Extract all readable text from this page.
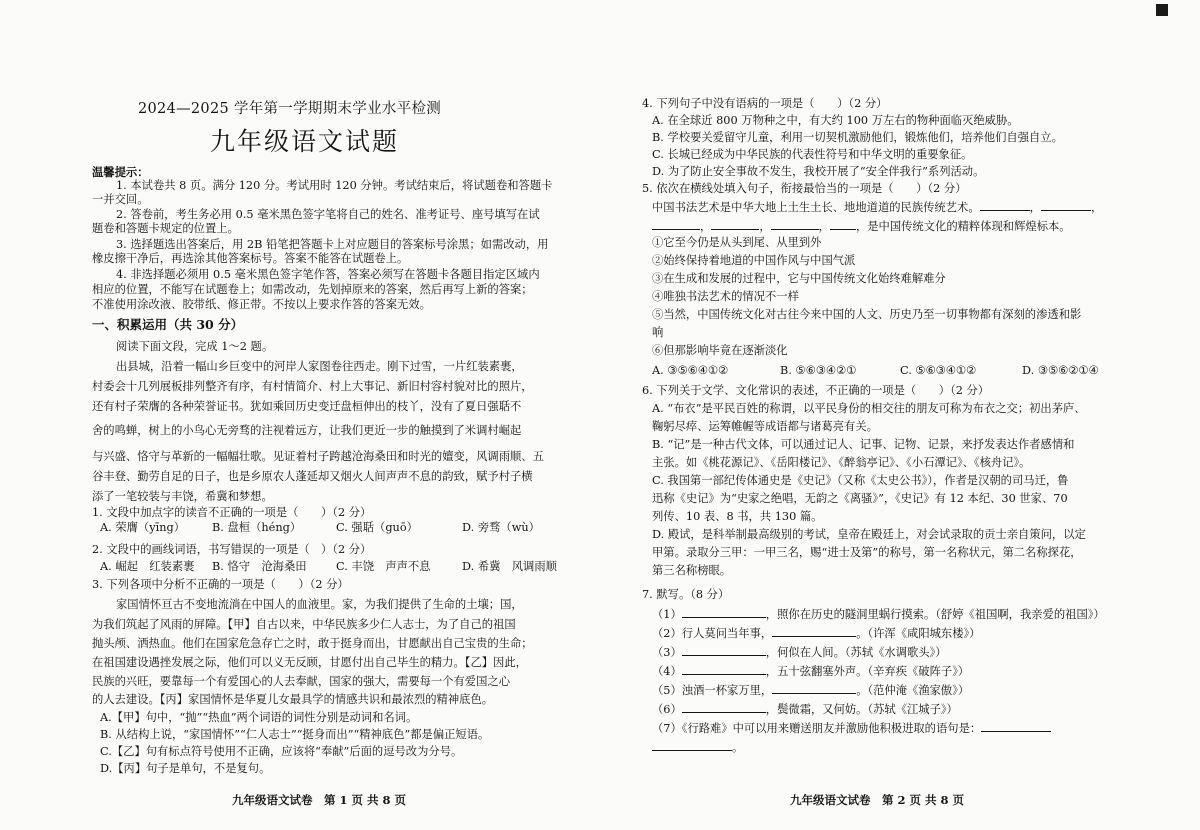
2024—2025 学年第一学期期末学业水平检测
九年级语文试题
温馨提示：
1. 本试卷共 8 页。满分 120 分。考试用时 120 分钟。考试结束后，将试题卷和答题卡
一并交回。
2. 答卷前，考生务必用 0.5 毫米黑色签字笔将自己的姓名、准考证号、座号填写在试
题卷和答题卡规定的位置上。
3. 选择题选出答案后，用 2B 铅笔把答题卡上对应题目的答案标号涂黑；如需改动，用
橡皮擦干净后，再选涂其他答案标号。答案不能答在试题卷上。
4. 非选择题必须用 0.5 毫米黑色签字笔作答，答案必须写在答题卡各题目指定区域内
相应的位置，不能写在试题卷上；如需改动，先划掉原来的答案，然后再写上新的答案；
不准使用涂改液、胶带纸、修正带。不按以上要求作答的答案无效。
一、积累运用（共 30 分）
阅读下面文段，完成 1～2 题。
出县城，沿着一幅山乡巨变中的河岸人家图卷往西走。刚下过雪，一片红装素裹，
村委会十几列展板排列整齐有序，有村情简介、村上大事记、新旧村容村貌对比的照片，
还有村子荣膺的各种荣誉证书。犹如乘回历史变迁盘桓伸出的枝丫，没有了夏日强聒不
舍的鸣蝉，树上的小鸟心无旁骛的注视着远方，让我们更近一步的触摸到了米调村崛起
与兴盛、恪守与革新的一幅幅壮歌。见证着村子跨越沧海桑田和时光的嬗变，风调雨顺、五
谷丰登、勤劳自足的日子，也是乡原农人蓬延却又烟火人间声声不息的韵致，赋予村子横
添了一笔较装与丰饶，希冀和梦想。
1. 文段中加点字的读音不正确的一项是（　　）（2 分）
A. 荣膺（yīng） B. 盘桓（héng）	C. 强聒（guō）	D. 旁骛（wù）
2. 文段中的画线词语，书写错误的一项是（　）（2 分）
A. 崛起　红装素裹 B. 恪守　沧海桑田	C. 丰饶　声声不息	D. 希冀　风调雨顺
3. 下列各项中分析不正确的一项是（　　）（2 分）
家国情怀亘古不变地流淌在中国人的血液里。家，为我们提供了生命的土壤；国，
为我们筑起了风雨的屏障。【甲】自古以来，中华民族多少仁人志士，为了自己的祖国
抛头颅、洒热血。他们在国家危急存亡之时，敢于挺身而出，甘愿献出自己宝贵的生命；
在祖国建设遇挫发展之际，他们可以义无反顾，甘愿付出自己毕生的精力。【乙】因此，
民族的兴旺，要靠每一个有爱国心的人去奉献，国家的强大，需要每一个有爱国之心
的人去建设。【丙】家国情怀是华夏儿女最具学的情感共识和最浓烈的精神底色。
A.【甲】句中，“抛”“热血”两个词语的词性分别是动词和名词。
B. 从结构上说，“家国情怀”“仁人志士”“挺身而出”“精神底色”都是偏正短语。
C.【乙】句有标点符号使用不正确，应该将“奉献”后面的逗号改为分号。
D.【丙】句子是单句，不是复句。
九年级语文试卷　第 1 页 共 8 页
4. 下列句子中没有语病的一项是（　　）（2 分）
A. 在全球近 800 万物种之中，有大约 100 万左右的物种面临灭绝威胁。
B. 学校要关爱留守儿童，利用一切契机激励他们，锻炼他们，培养他们自强自立。
C. 长城已经成为中华民族的代表性符号和中华文明的重要象征。
D. 为了防止安全事故不发生，我校开展了“安全伴我行”系列活动。
5. 依次在横线处填入句子，衔接最恰当的一项是（　　）（2 分）
中国书法艺术是中华大地上土生土长、地地道道的民族传统艺术。	，	，
，	，	， ，是中国传统文化的精粹体现和辉煌标本。
①它至今仍是从头到尾、从里到外
②始终保持着地道的中国作风与中国气派
③在生成和发展的过程中，它与中国传统文化始终难解难分
④唯独书法艺术的情况不一样
⑤当然，中国传统文化对古往今来中国的人文、历史乃至一切事物都有深刻的渗透和影
响
⑥但那影响毕竟在逐渐淡化
A. ③⑤⑥④①②	B. ⑤⑥③④②①	C. ⑤⑥③④①②	D. ③⑤⑥②①④
6. 下列关于文学、文化常识的表述，不正确的一项是（　　）（2 分）
A. “布衣”是平民百姓的称谓，以平民身份的相交往的朋友可称为布衣之交；初出茅庐、
鞠躬尽瘁、运筹帷幄等成语都与诸葛亮有关。
B. “记”是一种古代文体，可以通过记人、记事、记物、记景，来抒发表达作者感情和
主张。如《桃花源记》、《岳阳楼记》、《醉翁亭记》、《小石潭记》、《核舟记》。
C. 我国第一部纪传体通史是《史记》（又称《太史公书》），作者是汉朝的司马迁，鲁
迅称《史记》为“史家之绝唱，无韵之《离骚》”，《史记》有 12 本纪、30 世家、70
列传、10 表、8 书，共 130 篇。
D. 殿试，是科举制最高级别的考试，皇帝在殿廷上，对会试录取的贡士亲自策问，以定
甲第。录取分三甲：一甲三名，赐“进士及第”的称号，第一名称状元，第二名称探花，
第三名称榜眼。
7. 默写。（8 分）
（1）	，照你在历史的隧洞里蜗行摸索。（舒婷《祖国啊，我亲爱的祖国》）
（2）行人莫问当年事，	。（许浑《咸阳城东楼》）
（3）	，何似在人间。（苏轼《水调歌头》）
（4）	，五十弦翻塞外声。（辛弃疾《破阵子》）
（5）浊酒一杯家万里，	。（范仲淹《渔家傲》）
（6）	，鬓微霜，又何妨。（苏轼《江城子》）
（7）《行路难》中可以用来赠送朋友并激励他积极进取的语句是：
。
九年级语文试卷　第 2 页 共 8 页
